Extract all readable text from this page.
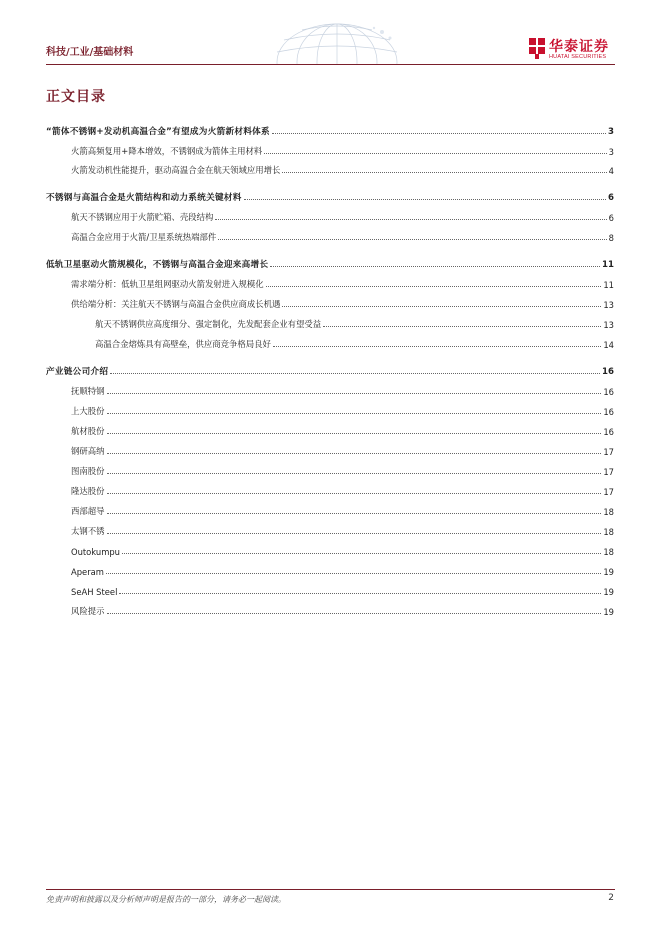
科技/工业/基础材料	华泰证券
HUATAI SECURITIES
正文目录
“箭体不锈钢+发动机高温合金”有望成为火箭新材料体系	3
火箭高频复用+降本增效，不锈钢成为箭体主用材料	3
火箭发动机性能提升，驱动高温合金在航天领域应用增长	4
不锈钢与高温合金是火箭结构和动力系统关键材料	6
航天不锈钢应用于火箭贮箱、壳段结构	6
高温合金应用于火箭/卫星系统热端部件	8
低轨卫星驱动火箭规模化，不锈钢与高温合金迎来高增长	11
需求端分析：低轨卫星组网驱动火箭发射进入规模化	11
供给端分析：关注航天不锈钢与高温合金供应商成长机遇	13
航天不锈钢供应高度细分、强定制化，先发配套企业有望受益	13
高温合金熔炼具有高壁垒，供应商竞争格局良好	14
产业链公司介绍	16
抚顺特钢	16
上大股份	16
航材股份	16
钢研高纳	17
图南股份	17
隆达股份	17
西部超导	18
太钢不锈	18
Outokumpu	18
Aperam	19
SeAH Steel	19
风险提示	19
免责声明和披露以及分析师声明是报告的一部分，请务必一起阅读。	2
